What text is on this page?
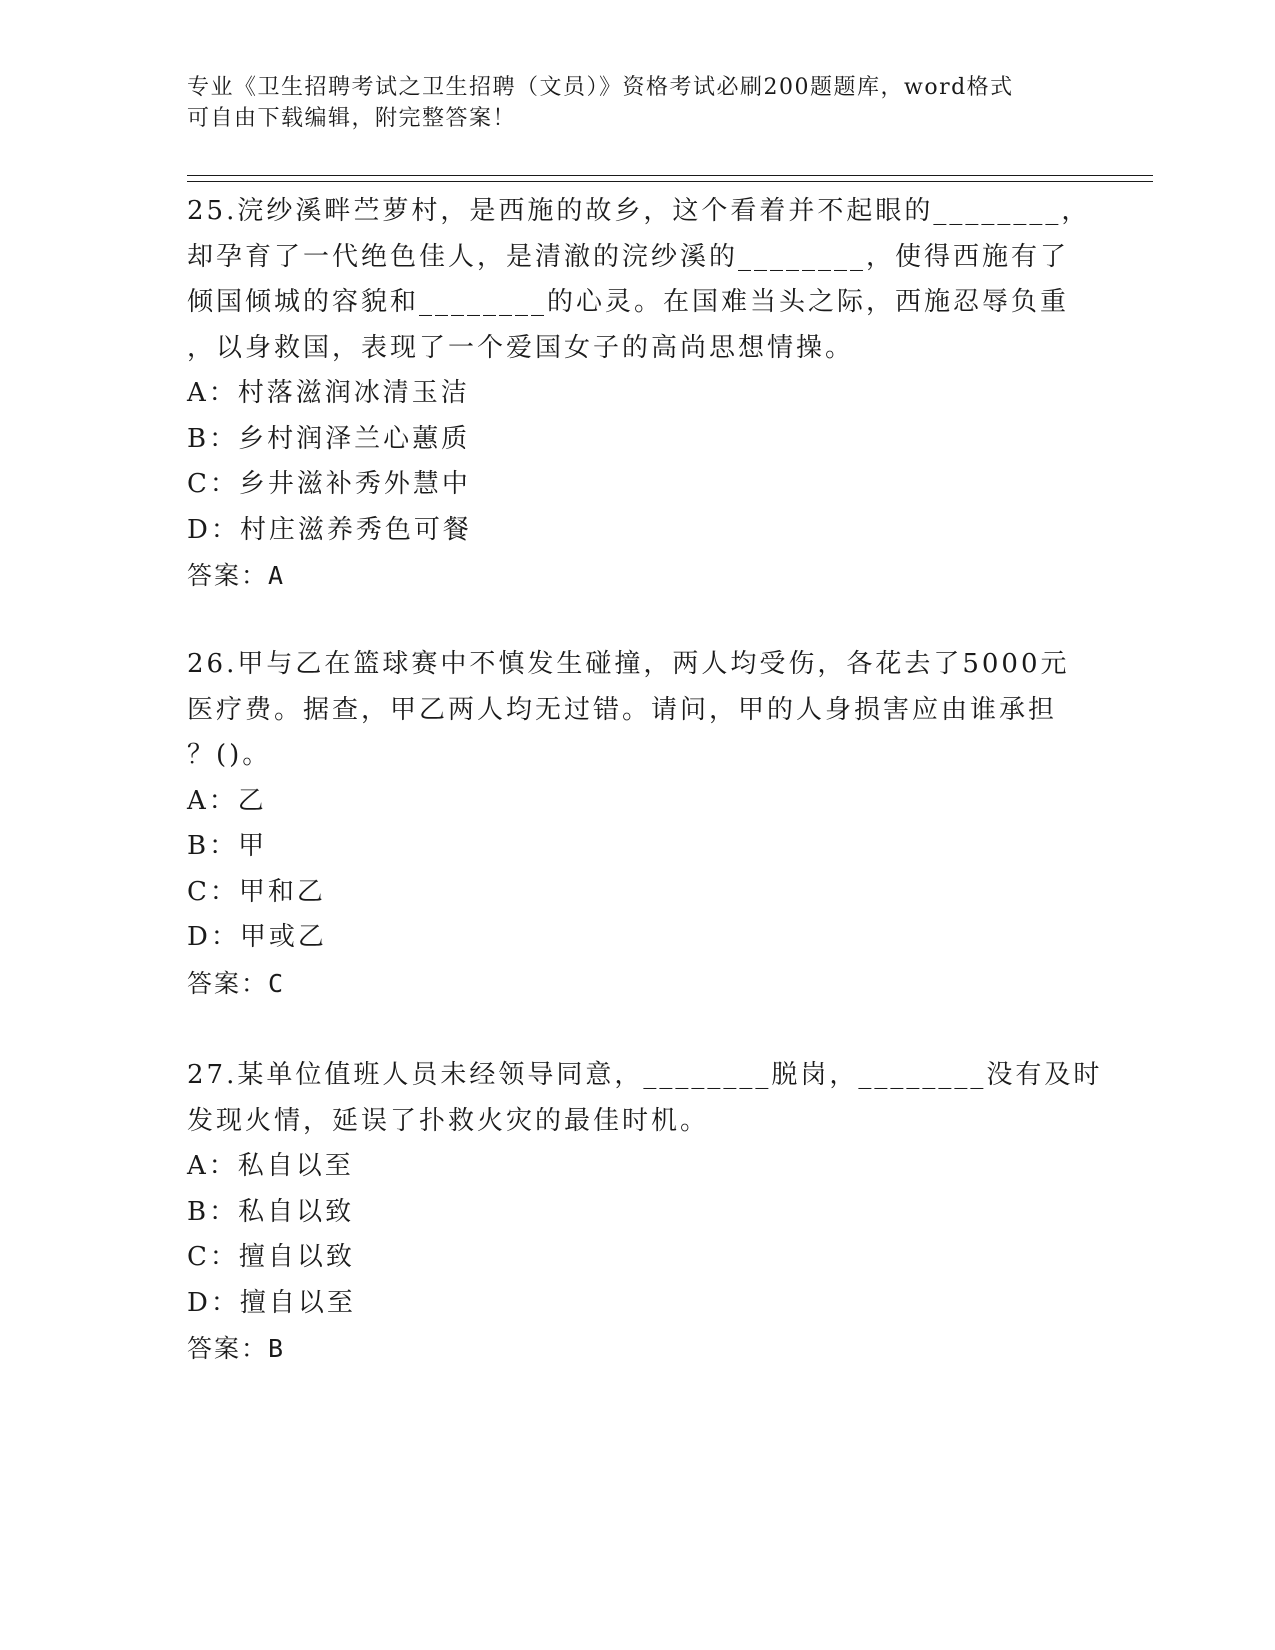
专业《卫生招聘考试之卫生招聘（文员）》资格考试必刷200题题库，word格式
可自由下载编辑，附完整答案！
25.浣纱溪畔苎萝村，是西施的故乡，这个看着并不起眼的________，
却孕育了一代绝色佳人，是清澈的浣纱溪的________，使得西施有了
倾国倾城的容貌和________的心灵。在国难当头之际，西施忍辱负重
，以身救国，表现了一个爱国女子的高尚思想情操。
A：村落滋润冰清玉洁
B：乡村润泽兰心蕙质
C：乡井滋补秀外慧中
D：村庄滋养秀色可餐
答案：A
26.甲与乙在篮球赛中不慎发生碰撞，两人均受伤，各花去了5000元
医疗费。据查，甲乙两人均无过错。请问，甲的人身损害应由谁承担
？()。
A：乙
B：甲
C：甲和乙
D：甲或乙
答案：C
27.某单位值班人员未经领导同意，________脱岗，________没有及时
发现火情，延误了扑救火灾的最佳时机。
A：私自以至
B：私自以致
C：擅自以致
D：擅自以至
答案：B
